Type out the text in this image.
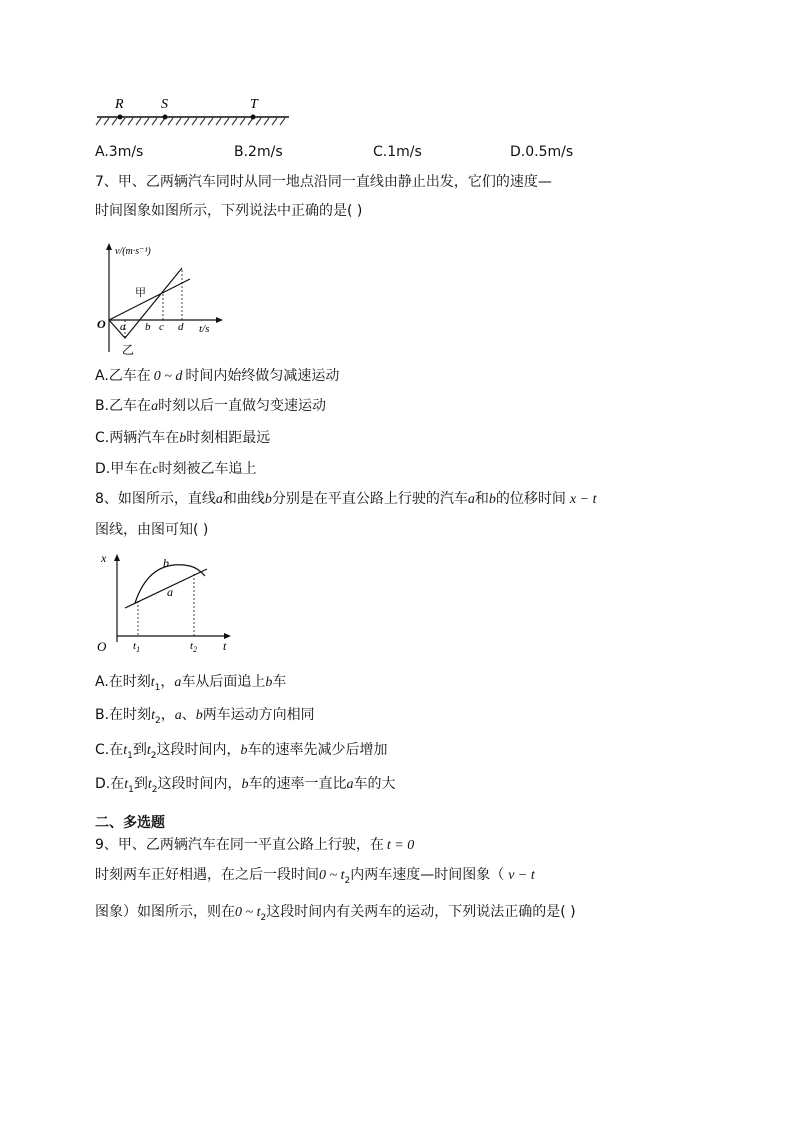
R	S	T
A.3m/s	B.2m/s	C.1m/s	D.0.5m/s
7、甲、乙两辆汽车同时从同一地点沿同一直线由静止出发，它们的速度—
时间图象如图所示，下列说法中正确的是( )
v/(m·s⁻¹)
O	t/s
甲
乙
a b c d
A.乙车在 0 ~ d 时间内始终做匀减速运动
B.乙车在a时刻以后一直做匀变速运动
C.两辆汽车在b时刻相距最远
D.甲车在c时刻被乙车追上
8、如图所示，直线a和曲线b分别是在平直公路上行驶的汽车a和b的位移时间 x − t
图线，由图可知( )
x
O	t
a
b
$t_1$	$t_2$
A.在时刻$t_1$，a车从后面追上b车
B.在时刻$t_2$，a、b两车运动方向相同
C.在$t_1$到$t_2$这段时间内，b车的速率先减少后增加
D.在$t_1$到$t_2$这段时间内，b车的速率一直比a车的大
二、多选题
9、甲、乙两辆汽车在同一平直公路上行驶，在 t = 0
时刻两车正好相遇，在之后一段时间0 ~ $t_2$内两车速度—时间图象（ v − t
图象）如图所示，则在0 ~ $t_2$这段时间内有关两车的运动，下列说法正确的是( )
